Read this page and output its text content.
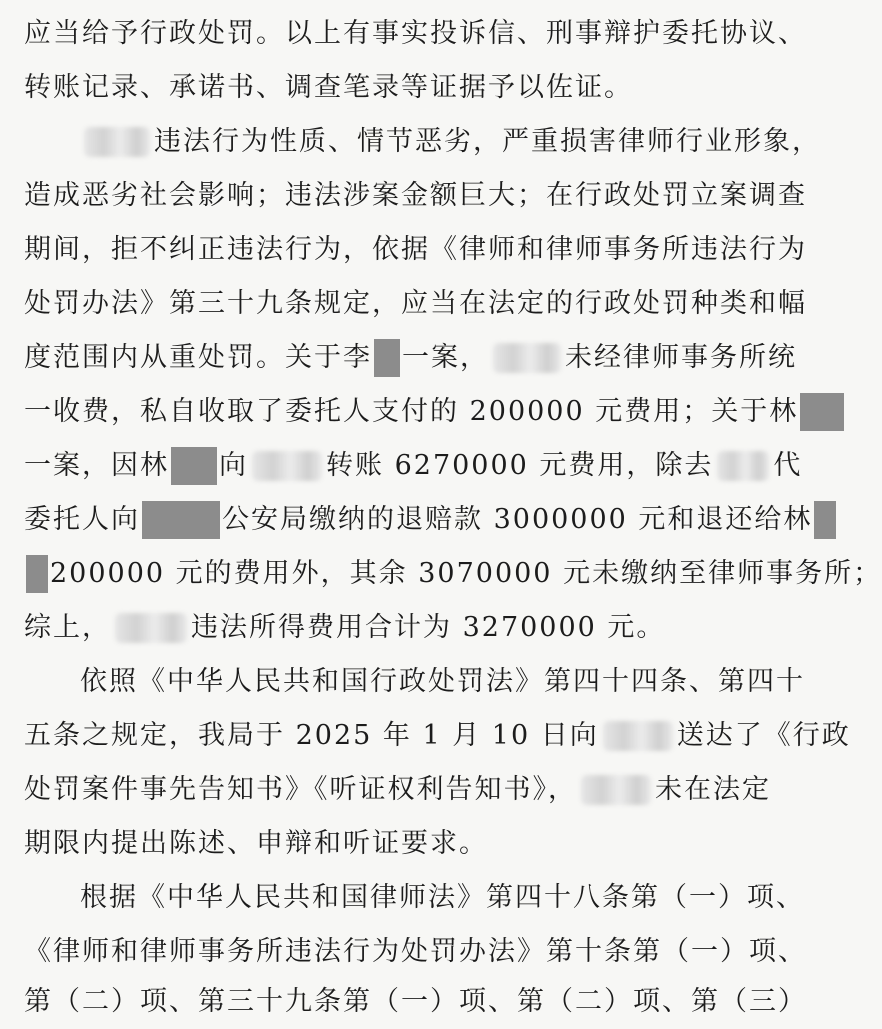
应当给予行政处罚。以上有事实投诉信、刑事辩护委托协议、
转账记录、承诺书、调查笔录等证据予以佐证。
违法行为性质、情节恶劣，严重损害律师行业形象，
造成恶劣社会影响；违法涉案金额巨大；在行政处罚立案调查
期间，拒不纠正违法行为，依据《律师和律师事务所违法行为
处罚办法》第三十九条规定，应当在法定的行政处罚种类和幅
度范围内从重处罚。关于李 一案，	未经律师事务所统
一收费，私自收取了委托人支付的 200000 元费用；关于林
一案，因林 向	转账 6270000 元费用，除去 代
委托人向	公安局缴纳的退赔款 3000000 元和退还给林
200000 元的费用外，其余 3070000 元未缴纳至律师事务所；
综上，	违法所得费用合计为 3270000 元。
依照《中华人民共和国行政处罚法》第四十四条、第四十
五条之规定，我局于 2025 年 1 月 10 日向	送达了《行政
处罚案件事先告知书》《听证权利告知书》，	未在法定
期限内提出陈述、申辩和听证要求。
根据《中华人民共和国律师法》第四十八条第（一）项、
《律师和律师事务所违法行为处罚办法》第十条第（一）项、
第（二）项、第三十九条第（一）项、第（二）项、第（三）
